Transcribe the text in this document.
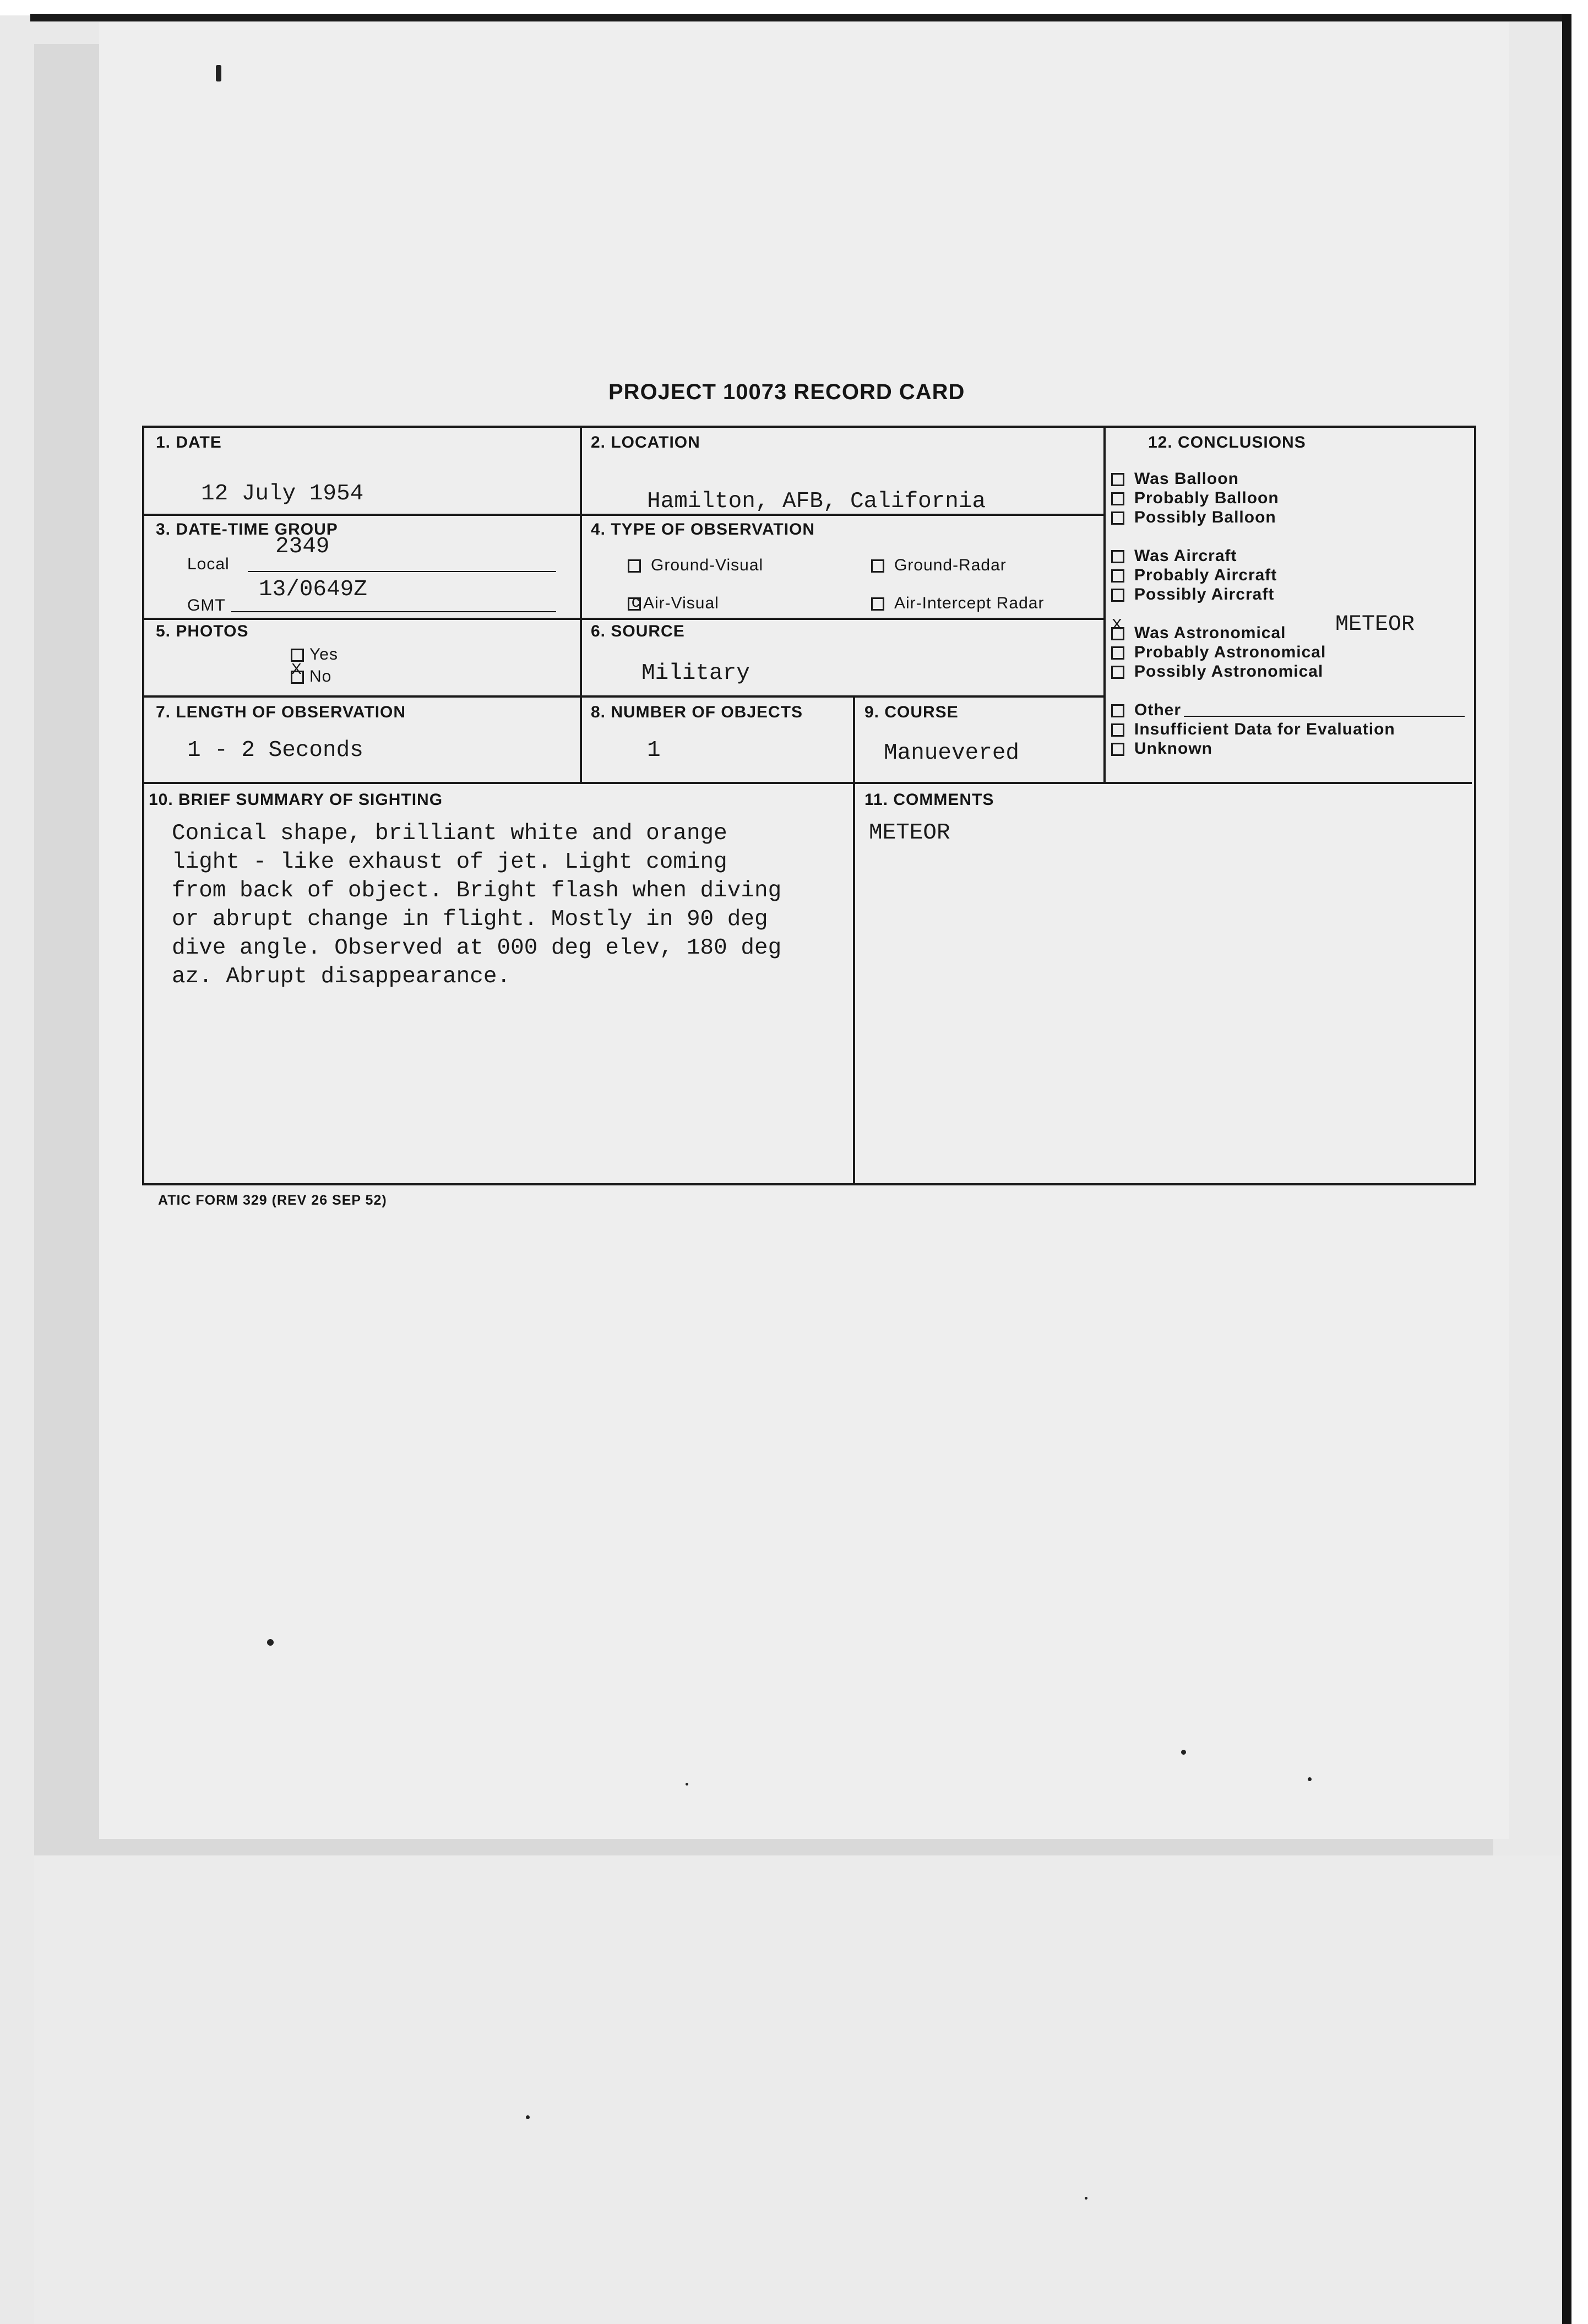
PROJECT 10073 RECORD CARD
1. DATE
12 July 1954
2. LOCATION
Hamilton, AFB, California
3. DATE-TIME GROUP
Local
2349
GMT
13/0649Z
4. TYPE OF OBSERVATION
Ground-Visual	Ground-Radar
c Air-Visual	Air-Intercept Radar
5. PHOTOS
Yes
X No
6. SOURCE
Military
7. LENGTH OF OBSERVATION
1 - 2 Seconds
8. NUMBER OF OBJECTS
1
9. COURSE
Manuevered
10. BRIEF SUMMARY OF SIGHTING
Conical shape, brilliant white and orange
light - like exhaust of jet. Light coming
from back of object. Bright flash when diving
or abrupt change in flight. Mostly in 90 deg
dive angle. Observed at 000 deg elev, 180 deg
az. Abrupt disappearance.
11. COMMENTS
METEOR
12. CONCLUSIONS
Was Balloon
Probably Balloon
Possibly Balloon
Was Aircraft
Probably Aircraft
Possibly Aircraft
X Was Astronomical METEOR
Probably Astronomical
Possibly Astronomical
Other
Insufficient Data for Evaluation
Unknown
ATIC FORM 329 (REV 26 SEP 52)
